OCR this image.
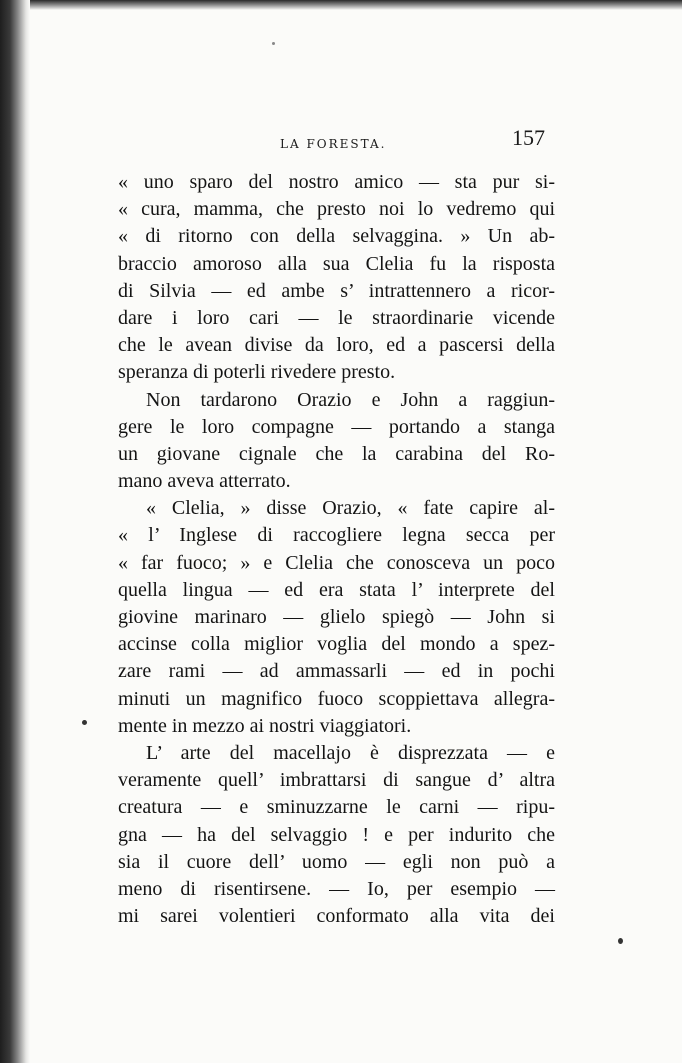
LA FORESTA.	157
« uno sparo del nostro amico — sta pur si-
« cura, mamma, che presto noi lo vedremo qui
« di ritorno con della selvaggina. » Un ab-
braccio amoroso alla sua Clelia fu la risposta
di Silvia — ed ambe s’ intrattennero a ricor-
dare i loro cari — le straordinarie vicende
che le avean divise da loro, ed a pascersi della
speranza di poterli rivedere presto.
Non tardarono Orazio e John a raggiun-
gere le loro compagne — portando a stanga
un giovane cignale che la carabina del Ro-
mano aveva atterrato.
« Clelia, » disse Orazio, « fate capire al-
« l’ Inglese di raccogliere legna secca per
« far fuoco; » e Clelia che conosceva un poco
quella lingua — ed era stata l’ interprete del
giovine marinaro — glielo spiegò — John si
accinse colla miglior voglia del mondo a spez-
zare rami — ad ammassarli — ed in pochi
minuti un magnifico fuoco scoppiettava allegra-
mente in mezzo ai nostri viaggiatori.
L’ arte del macellajo è disprezzata — e
veramente quell’ imbrattarsi di sangue d’ altra
creatura — e sminuzzarne le carni — ripu-
gna — ha del selvaggio ! e per indurito che
sia il cuore dell’ uomo — egli non può a
meno di risentirsene. — Io, per esempio —
mi sarei volentieri conformato alla vita dei
